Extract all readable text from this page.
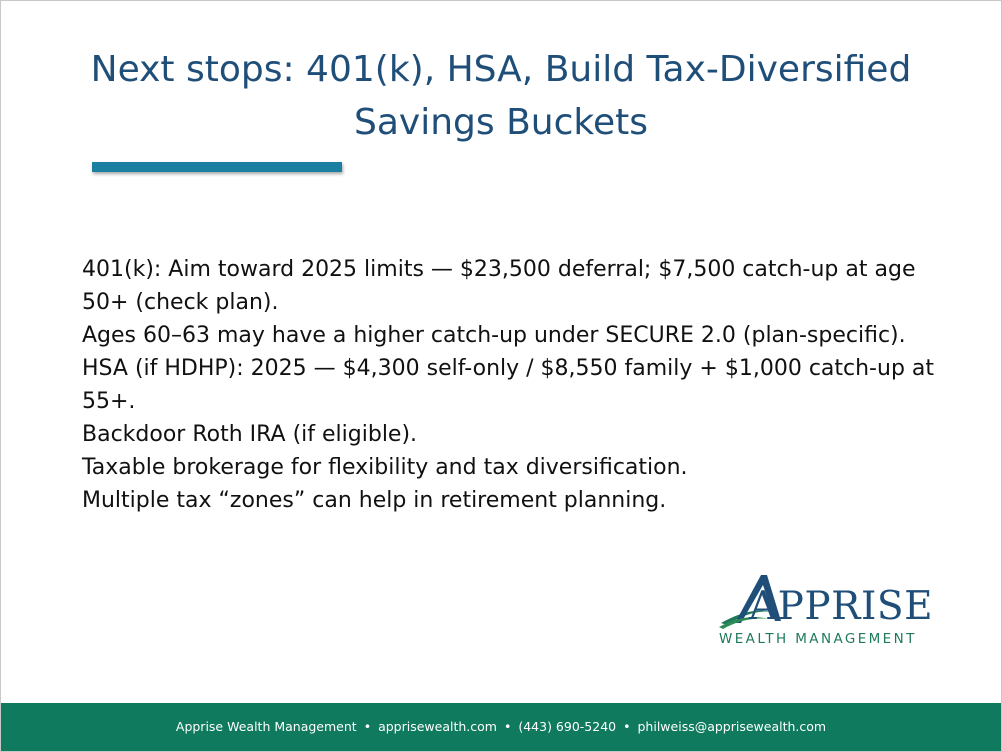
Next stops: 401(k), HSA, Build Tax-Diversified
Savings Buckets
401(k): Aim toward 2025 limits — $23,500 deferral; $7,500 catch-up at age 50+ (check plan).
Ages 60–63 may have a higher catch-up under SECURE 2.0 (plan-specific).
HSA (if HDHP): 2025 — $4,300 self-only / $8,550 family + $1,000 catch-up at 55+.
Backdoor Roth IRA (if eligible).
Taxable brokerage for flexibility and tax diversification.
Multiple tax “zones” can help in retirement planning.
APPRISE
WEALTH MANAGEMENT
Apprise Wealth Management • apprisewealth.com • (443) 690-5240 • philweiss@apprisewealth.com
